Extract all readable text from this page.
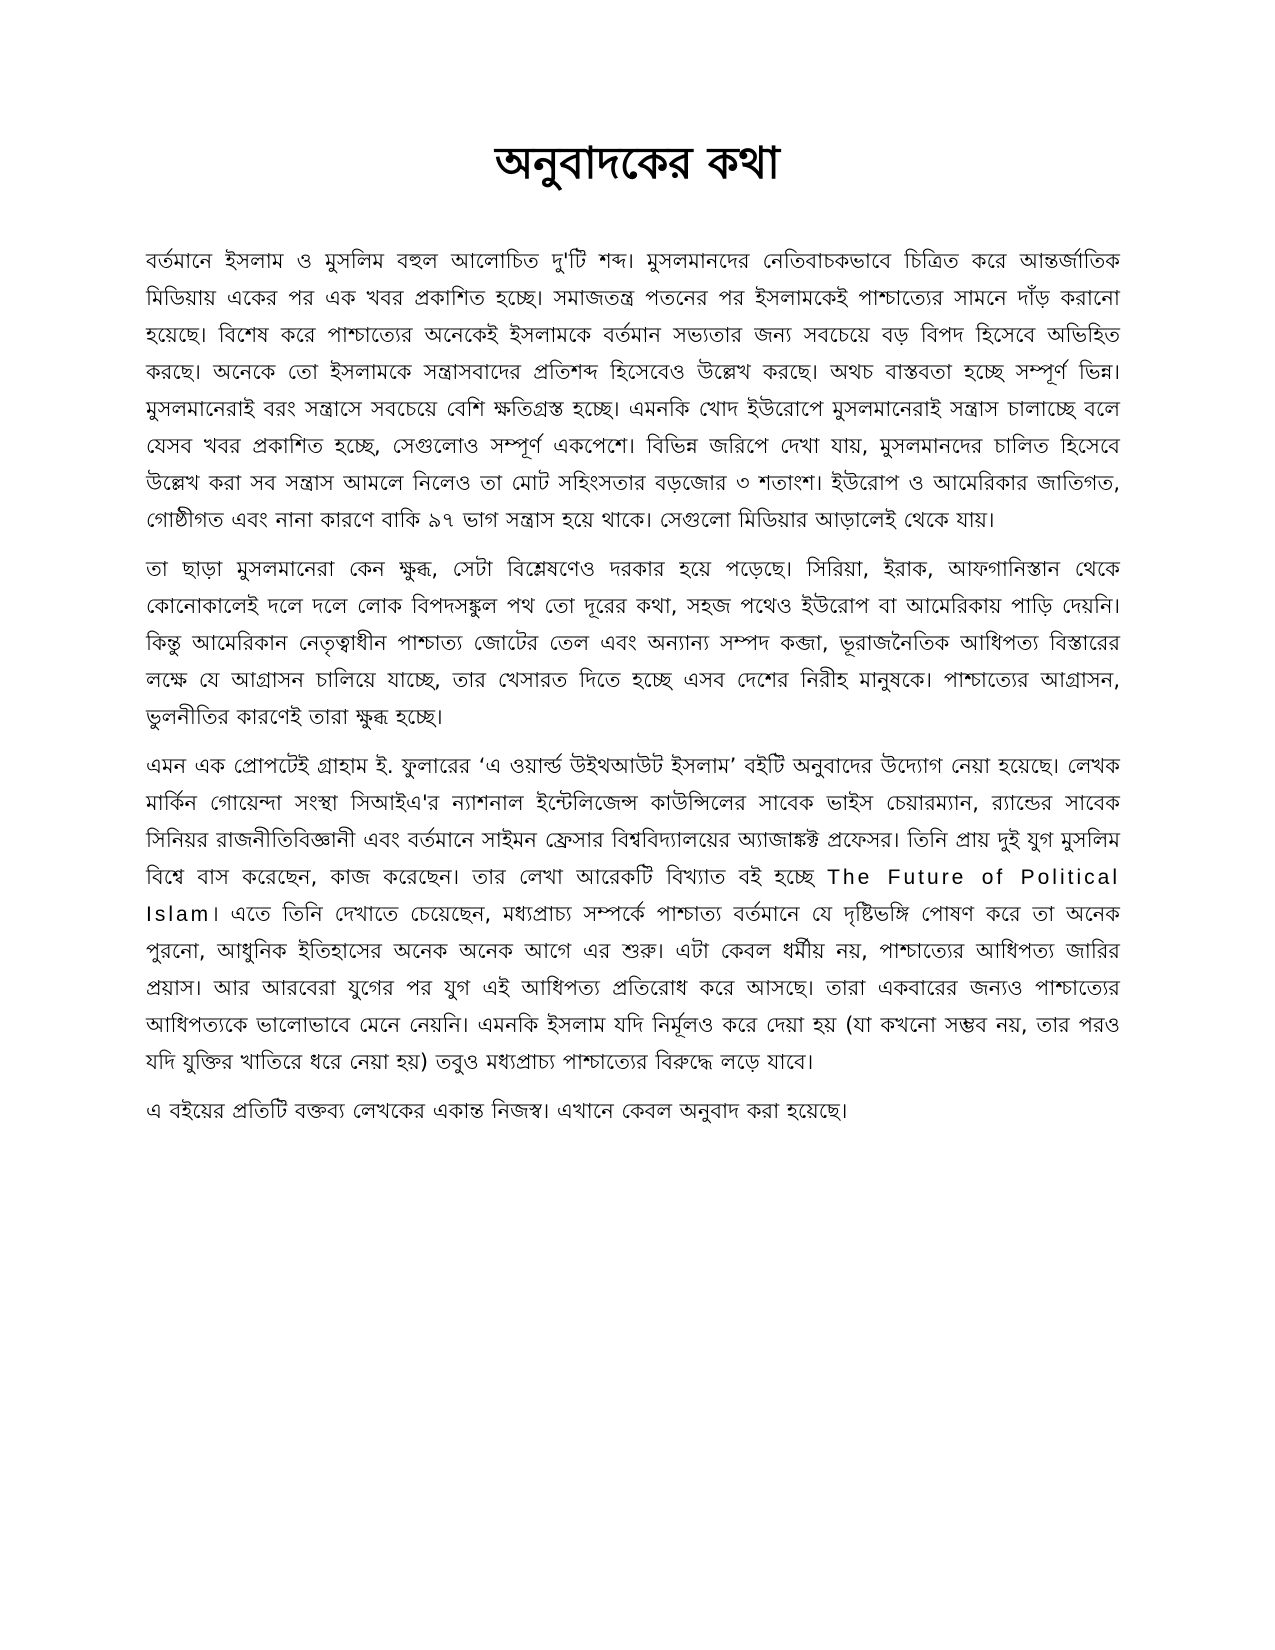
অনুবাদকের কথা

বর্তমানে ইসলাম ও মুসলিম বহুল আলোচিত দু'টি শব্দ। মুসলমানদের নেতিবাচকভাবে চিত্রিত করে আন্তর্জাতিক মিডিয়ায় একের পর এক খবর প্রকাশিত হচ্ছে। সমাজতন্ত্র পতনের পর ইসলামকেই পাশ্চাত্যের সামনে দাঁড় করানো হয়েছে। বিশেষ করে পাশ্চাত্যের অনেকেই ইসলামকে বর্তমান সভ্যতার জন্য সবচেয়ে বড় বিপদ হিসেবে অভিহিত করছে। অনেকে তো ইসলামকে সন্ত্রাসবাদের প্রতিশব্দ হিসেবেও উল্লেখ করছে। অথচ বাস্তবতা হচ্ছে সম্পূর্ণ ভিন্ন। মুসলমানেরাই বরং সন্ত্রাসে সবচেয়ে বেশি ক্ষতিগ্রস্ত হচ্ছে। এমনকি খোদ ইউরোপে মুসলমানেরাই সন্ত্রাস চালাচ্ছে বলে যেসব খবর প্রকাশিত হচ্ছে, সেগুলোও সম্পূর্ণ একপেশে। বিভিন্ন জরিপে দেখা যায়, মুসলমানদের চালিত হিসেবে উল্লেখ করা সব সন্ত্রাস আমলে নিলেও তা মোট সহিংসতার বড়জোর ৩ শতাংশ। ইউরোপ ও আমেরিকার জাতিগত, গোষ্ঠীগত এবং নানা কারণে বাকি ৯৭ ভাগ সন্ত্রাস হয়ে থাকে। সেগুলো মিডিয়ার আড়ালেই থেকে যায়।

তা ছাড়া মুসলমানেরা কেন ক্ষুব্ধ, সেটা বিশ্লেষণেও দরকার হয়ে পড়েছে। সিরিয়া, ইরাক, আফগানিস্তান থেকে কোনোকালেই দলে দলে লোক বিপদসঙ্কুল পথ তো দূরের কথা, সহজ পথেও ইউরোপ বা আমেরিকায় পাড়ি দেয়নি। কিন্তু আমেরিকান নেতৃত্বাধীন পাশ্চাত্য জোটের তেল এবং অন্যান্য সম্পদ কব্জা, ভূরাজনৈতিক আধিপত্য বিস্তারের লক্ষে যে আগ্রাসন চালিয়ে যাচ্ছে, তার খেসারত দিতে হচ্ছে এসব দেশের নিরীহ মানুষকে। পাশ্চাত্যের আগ্রাসন, ভুলনীতির কারণেই তারা ক্ষুব্ধ হচ্ছে।

এমন এক প্রোপটেই গ্রাহাম ই. ফুলারের ‘এ ওয়ার্ল্ড উইথআউট ইসলাম’ বইটি অনুবাদের উদ্যোগ নেয়া হয়েছে। লেখক মার্কিন গোয়েন্দা সংস্থা সিআইএ'র ন্যাশনাল ইন্টেলিজেন্স কাউন্সিলের সাবেক ভাইস চেয়ারম্যান, র‍্যান্ডের সাবেক সিনিয়র রাজনীতিবিজ্ঞানী এবং বর্তমানে সাইমন ফ্রেসার বিশ্ববিদ্যালয়ের অ্যাজাঙ্কক্ট প্রফেসর। তিনি প্রায় দুই যুগ মুসলিম বিশ্বে বাস করেছেন, কাজ করেছেন। তার লেখা আরেকটি বিখ্যাত বই হচ্ছে The Future of Political Islam। এতে তিনি দেখাতে চেয়েছেন, মধ্যপ্রাচ্য সম্পর্কে পাশ্চাত্য বর্তমানে যে দৃষ্টিভঙ্গি পোষণ করে তা অনেক পুরনো, আধুনিক ইতিহাসের অনেক অনেক আগে এর শুরু। এটা কেবল ধর্মীয় নয়, পাশ্চাত্যের আধিপত্য জারির প্রয়াস। আর আরবেরা যুগের পর যুগ এই আধিপত্য প্রতিরোধ করে আসছে। তারা একবারের জন্যও পাশ্চাত্যের আধিপত্যকে ভালোভাবে মেনে নেয়নি। এমনকি ইসলাম যদি নির্মূলও করে দেয়া হয় (যা কখনো সম্ভব নয়, তার পরও যদি যুক্তির খাতিরে ধরে নেয়া হয়) তবুও মধ্যপ্রাচ্য পাশ্চাত্যের বিরুদ্ধে লড়ে যাবে।

এ বইয়ের প্রতিটি বক্তব্য লেখকের একান্ত নিজস্ব। এখানে কেবল অনুবাদ করা হয়েছে।
